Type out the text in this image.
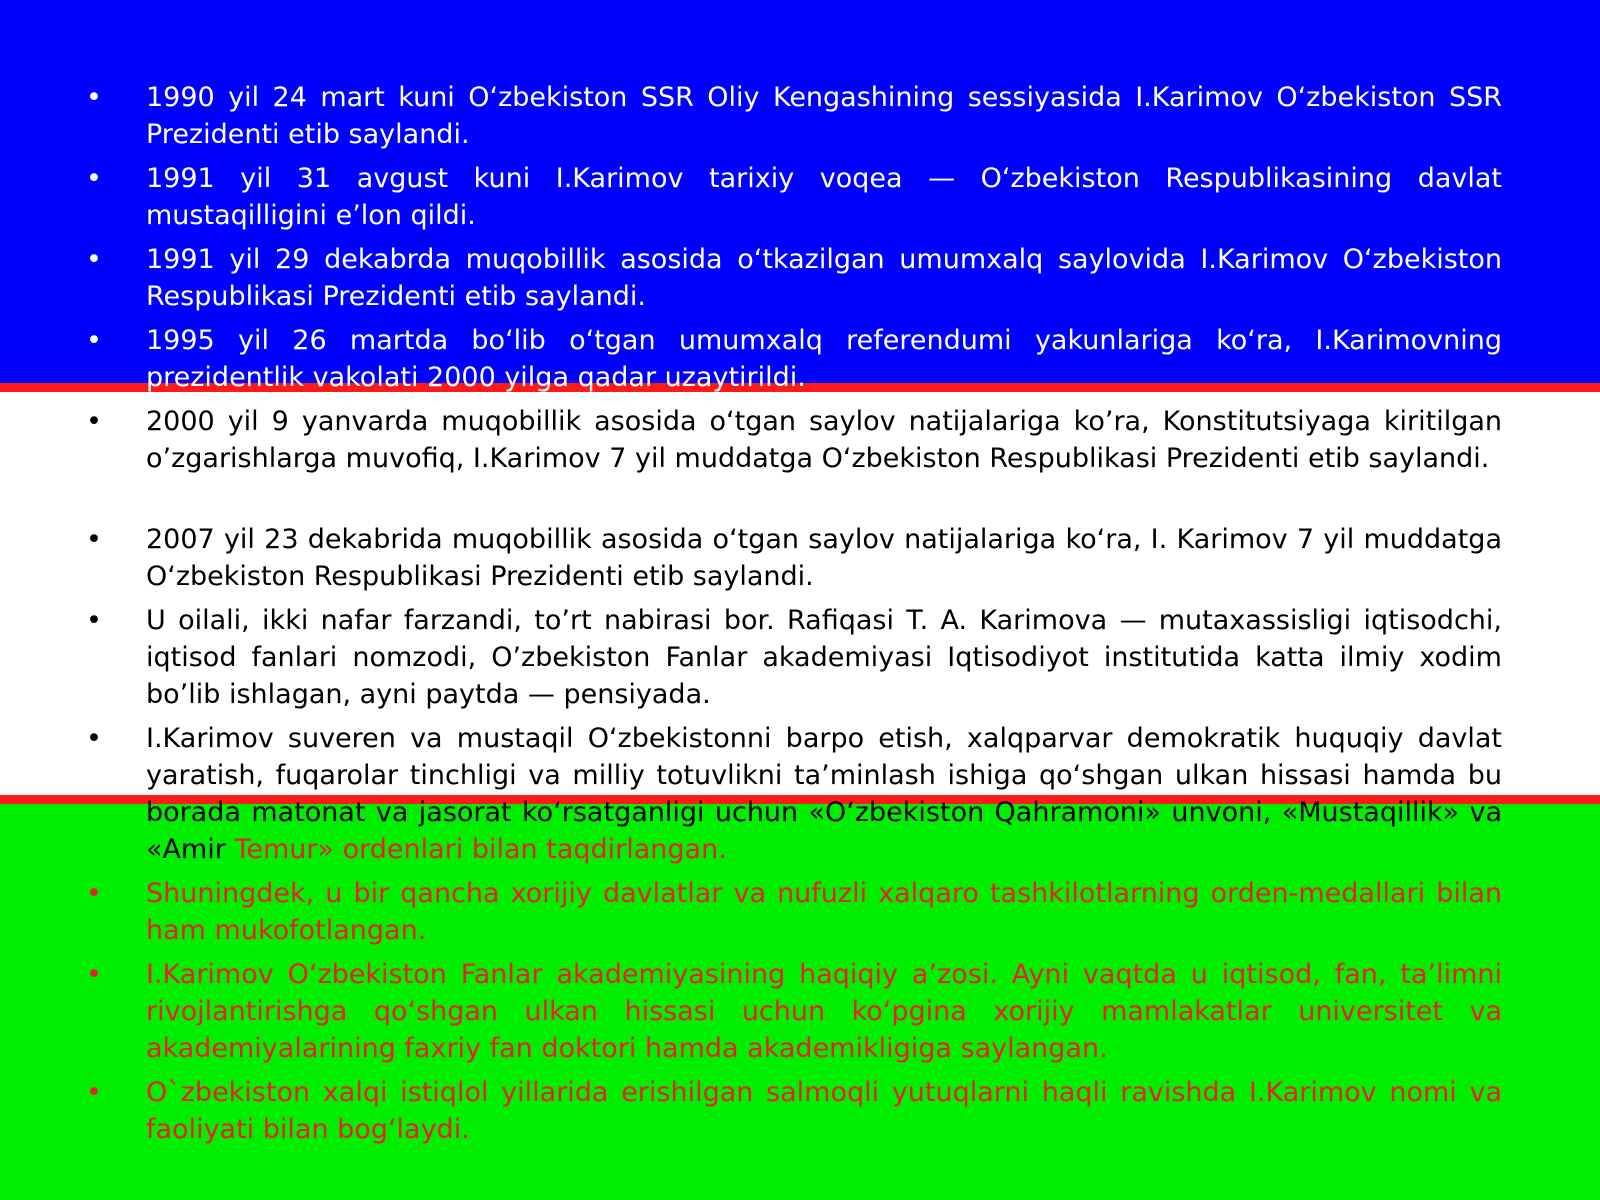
• 1990 yil 24 mart kuni O‘zbekiston SSR Oliy Kengashining sessiyasida I.Karimov O‘zbekiston SSR Prezidenti etib saylandi.
• 1991 yil 31 avgust kuni I.Karimov tarixiy voqea — O‘zbekiston Respublikasining davlat mustaqilligini e’lon qildi.
• 1991 yil 29 dekabrda muqobillik asosida o‘tkazilgan umumxalq saylovida I.Karimov O‘zbekiston Respublikasi Prezidenti etib saylandi.
• 1995 yil 26 martda bo‘lib o‘tgan umumxalq referendumi yakunlariga ko‘ra, I.Karimovning prezidentlik vakolati 2000 yilga qadar uzaytirildi.
• 2000 yil 9 yanvarda muqobillik asosida o‘tgan saylov natijalariga ko’ra, Konstitutsiyaga kiritilgan o’zgarishlarga muvofiq, I.Karimov 7 yil muddatga O‘zbekiston Respublikasi Prezidenti etib saylandi.
• 2007 yil 23 dekabrida muqobillik asosida o‘tgan saylov natijalariga ko‘ra, I. Karimov 7 yil muddatga O‘zbekiston Respublikasi Prezidenti etib saylandi.
• U oilali, ikki nafar farzandi, to’rt nabirasi bor. Rafiqasi T. A. Karimova — mutaxassisligi iqtisodchi, iqtisod fanlari nomzodi, O’zbekiston Fanlar akademiyasi Iqtisodiyot institutida katta ilmiy xodim bo’lib ishlagan, ayni paytda — pensiyada.
• I.Karimov suveren va mustaqil O‘zbekistonni barpo etish, xalqparvar demokratik huquqiy davlat yaratish, fuqarolar tinchligi va milliy totuvlikni ta’minlash ishiga qo‘shgan ulkan hissasi hamda bu borada matonat va jasorat ko‘rsatganligi uchun «O‘zbekiston Qahramoni» unvoni, «Mustaqillik» va «Amir Temur» ordenlari bilan taqdirlangan.
• Shuningdek, u bir qancha xorijiy davlatlar va nufuzli xalqaro tashkilotlarning orden-medallari bilan ham mukofotlangan.
• I.Karimov O‘zbekiston Fanlar akademiyasining haqiqiy a’zosi. Ayni vaqtda u iqtisod, fan, ta’limni rivojlantirishga qo‘shgan ulkan hissasi uchun ko‘pgina xorijiy mamlakatlar universitet va akademiyalarining faxriy fan doktori hamda akademikligiga saylangan.
• O`zbekiston xalqi istiqlol yillarida erishilgan salmoqli yutuqlarni haqli ravishda I.Karimov nomi va faoliyati bilan bog‘laydi.
